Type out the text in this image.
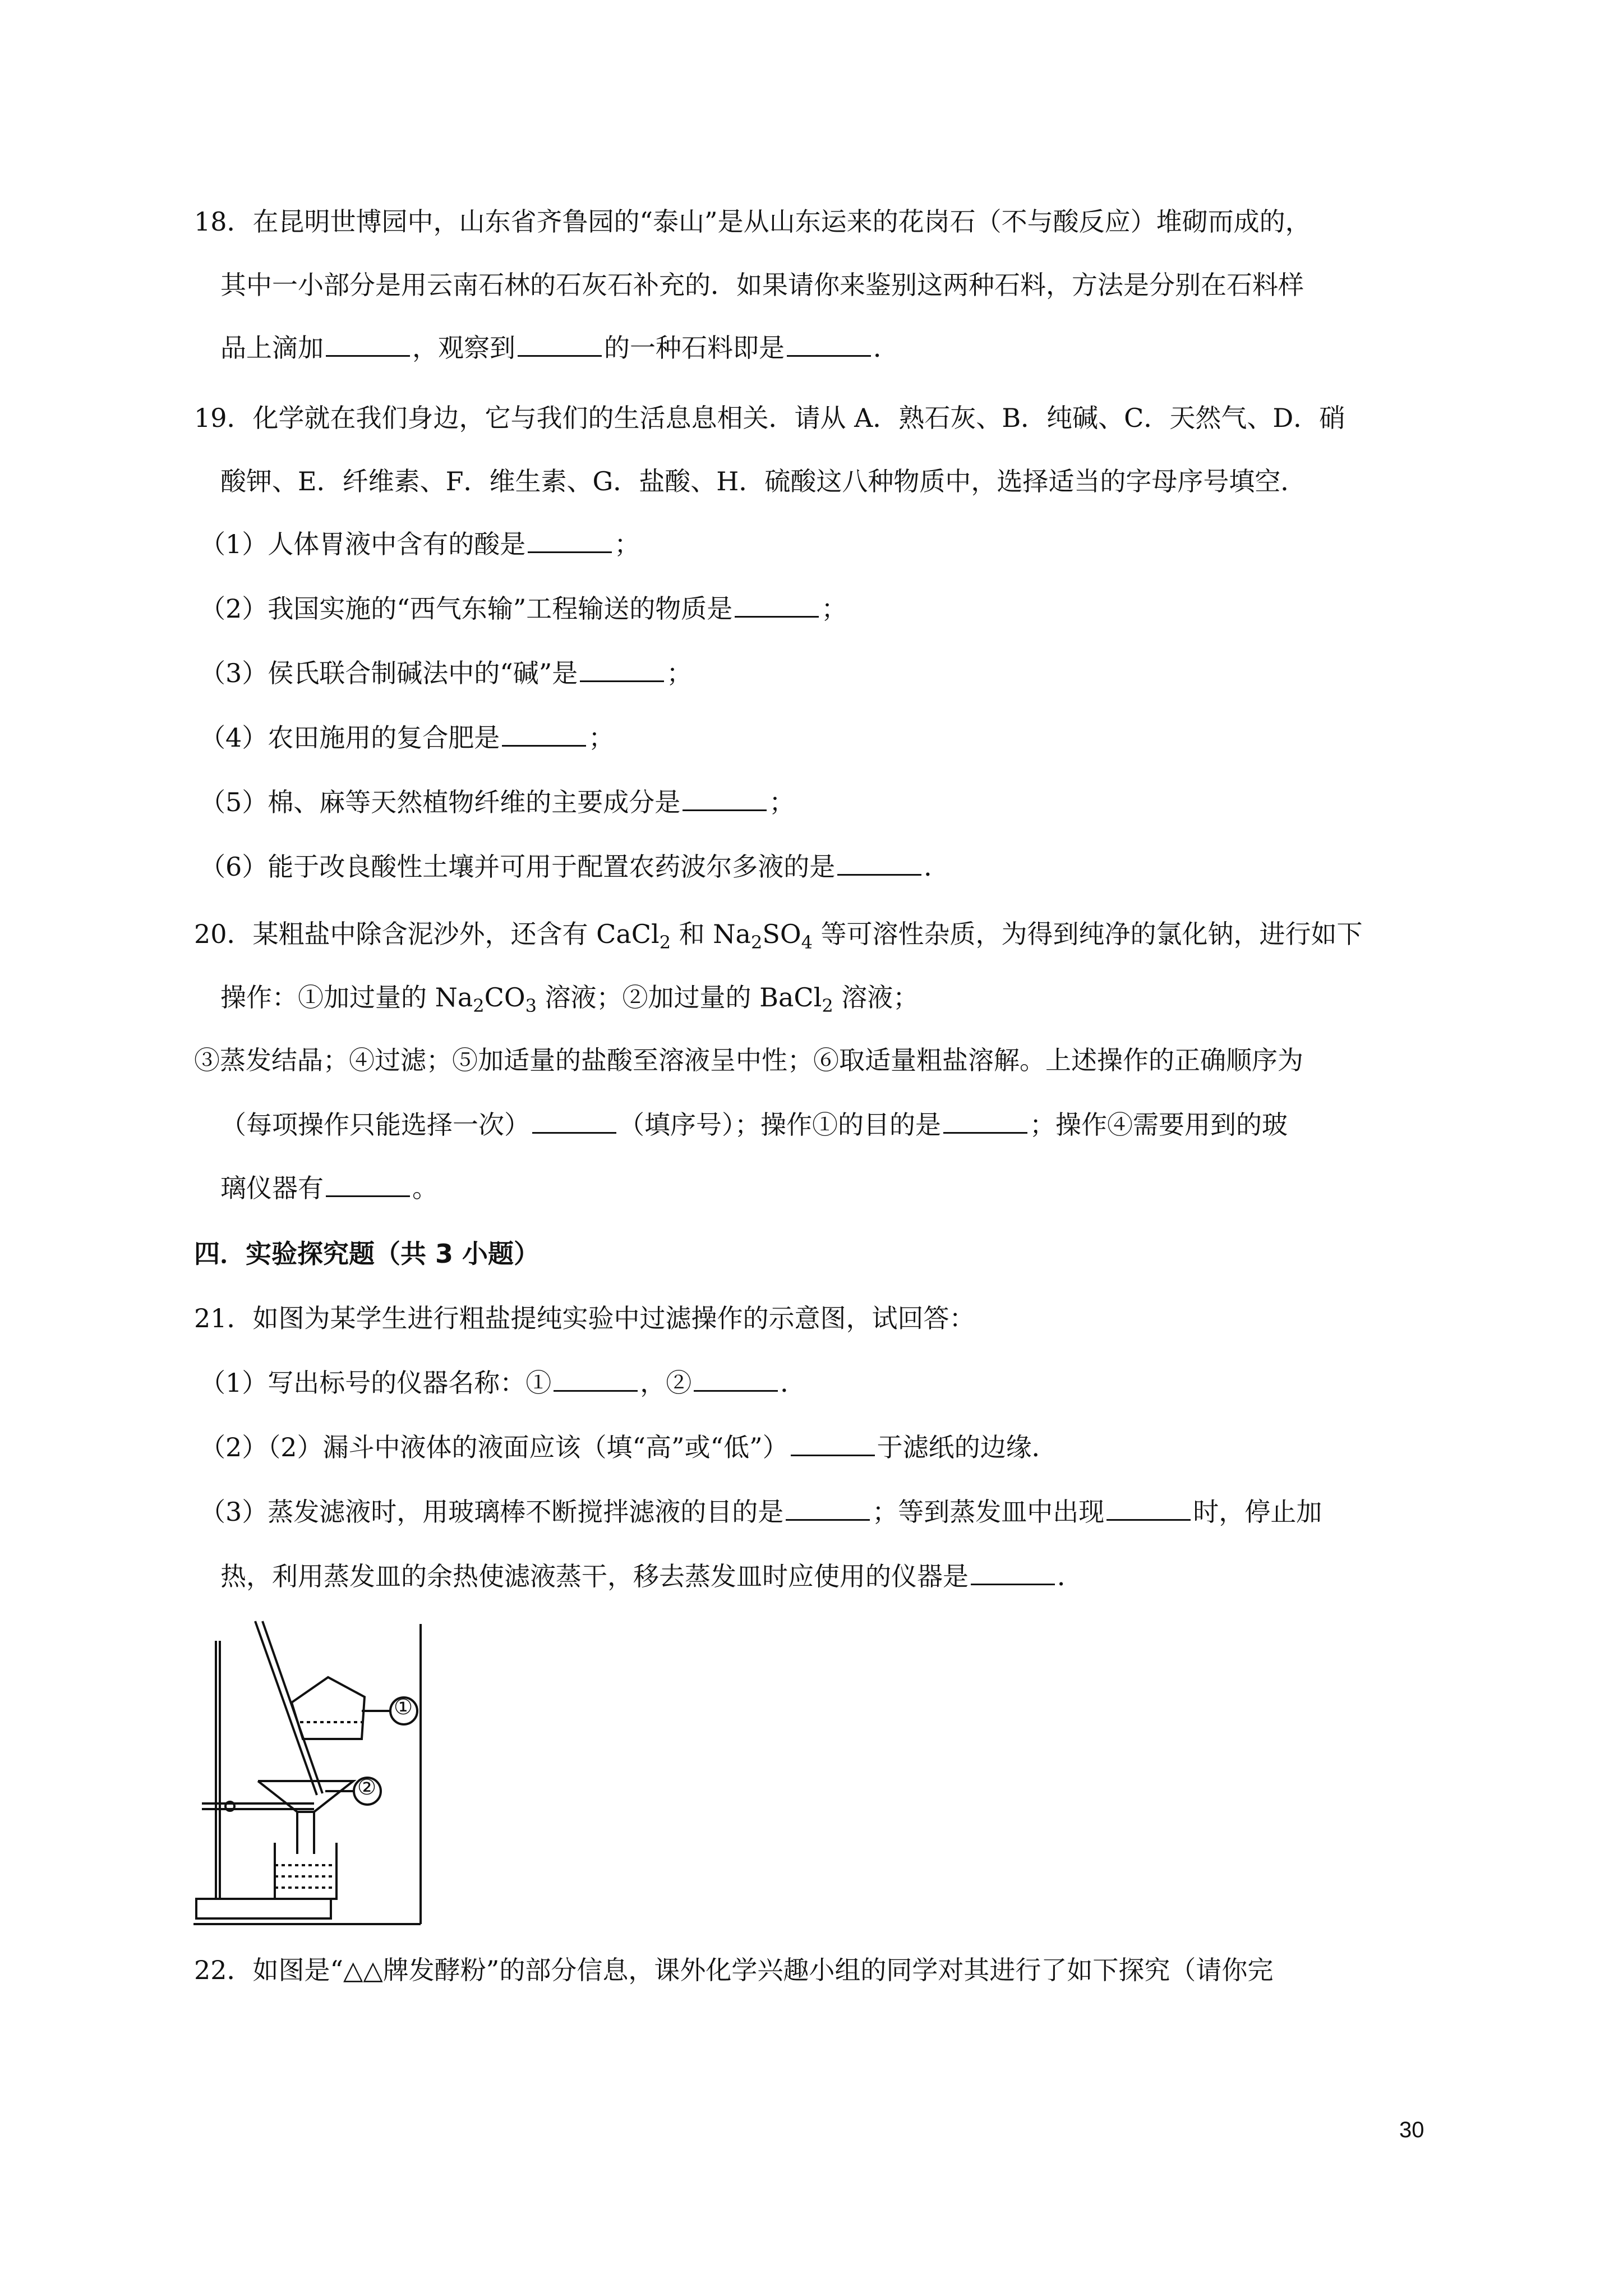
18．在昆明世博园中，山东省齐鲁园的“泰山”是从山东运来的花岗石（不与酸反应）堆砌而成的，
其中一小部分是用云南石林的石灰石补充的．如果请你来鉴别这两种石料，方法是分别在石料样
品上滴加	，观察到	的一种石料即是	．
19．化学就在我们身边，它与我们的生活息息相关．请从 A．熟石灰、B．纯碱、C．天然气、D．硝
酸钾、E．纤维素、F．维生素、G．盐酸、H．硫酸这八种物质中，选择适当的字母序号填空．
（1）人体胃液中含有的酸是	；
（2）我国实施的“西气东输”工程输送的物质是	；
（3）侯氏联合制碱法中的“碱”是	；
（4）农田施用的复合肥是	；
（5）棉、麻等天然植物纤维的主要成分是	；
（6）能于改良酸性土壤并可用于配置农药波尔多液的是	．
20．某粗盐中除含泥沙外，还含有 CaCl$_2$ 和 $Na_2SO_4$ 等可溶性杂质，为得到纯净的氯化钠，进行如下
操作：①加过量的 $Na_2CO_3$ 溶液；②加过量的 BaCl$_2$ 溶液；
③蒸发结晶；④过滤；⑤加适量的盐酸至溶液呈中性；⑥取适量粗盐溶解。上述操作的正确顺序为
（每项操作只能选择一次）	（填序号）；操作①的目的是	；操作④需要用到的玻
璃仪器有	。
四．实验探究题（共 3 小题）
21．如图为某学生进行粗盐提纯实验中过滤操作的示意图，试回答：
（1）写出标号的仪器名称：①	，②	．
（2）（2）漏斗中液体的液面应该（填“高”或“低”）	于滤纸的边缘．
（3）蒸发滤液时，用玻璃棒不断搅拌滤液的目的是	；等到蒸发皿中出现	时，停止加
热，利用蒸发皿的余热使滤液蒸干，移去蒸发皿时应使用的仪器是	．
①
②
22．如图是“△△牌发酵粉”的部分信息，课外化学兴趣小组的同学对其进行了如下探究（请你完
30
